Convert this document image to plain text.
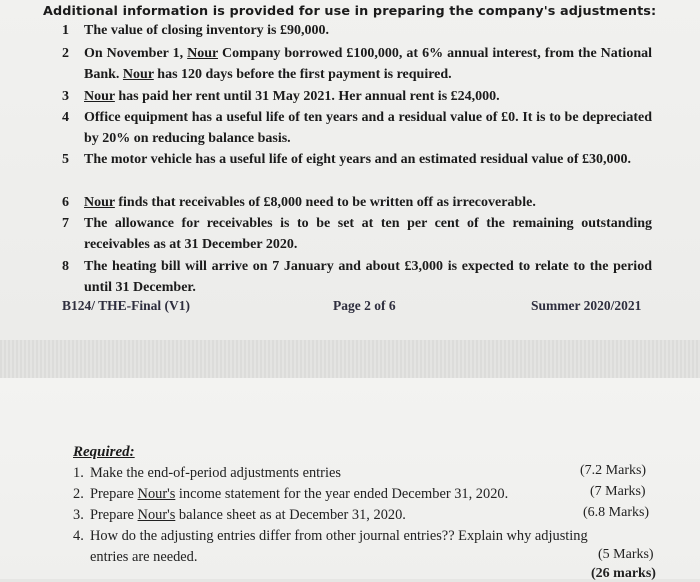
Additional information is provided for use in preparing the company's adjustments:
1	The value of closing inventory is £90,000.
2	On November 1, Nour Company borrowed £100,000, at 6% annual interest, from the National Bank. Nour has 120 days before the first payment is required.
3	Nour has paid her rent until 31 May 2021. Her annual rent is £24,000.
4	Office equipment has a useful life of ten years and a residual value of £0. It is to be depreciated by 20% on reducing balance basis.
5	The motor vehicle has a useful life of eight years and an estimated residual value of £30,000.
6	Nour finds that receivables of £8,000 need to be written off as irrecoverable.
7	The allowance for receivables is to be set at ten per cent of the remaining outstanding receivables as at 31 December 2020.
8	The heating bill will arrive on 7 January and about £3,000 is expected to relate to the period until 31 December.
B124/ THE-Final (V1)	Page 2 of 6	Summer 2020/2021
Required:
1. Make the end-of-period adjustments entries	(7.2 Marks)
2. Prepare Nour's income statement for the year ended December 31, 2020.	(7 Marks)
3. Prepare Nour's balance sheet as at December 31, 2020.	(6.8 Marks)
4. How do the adjusting entries differ from other journal entries?? Explain why adjusting
entries are needed.	(5 Marks)
(26 marks)
